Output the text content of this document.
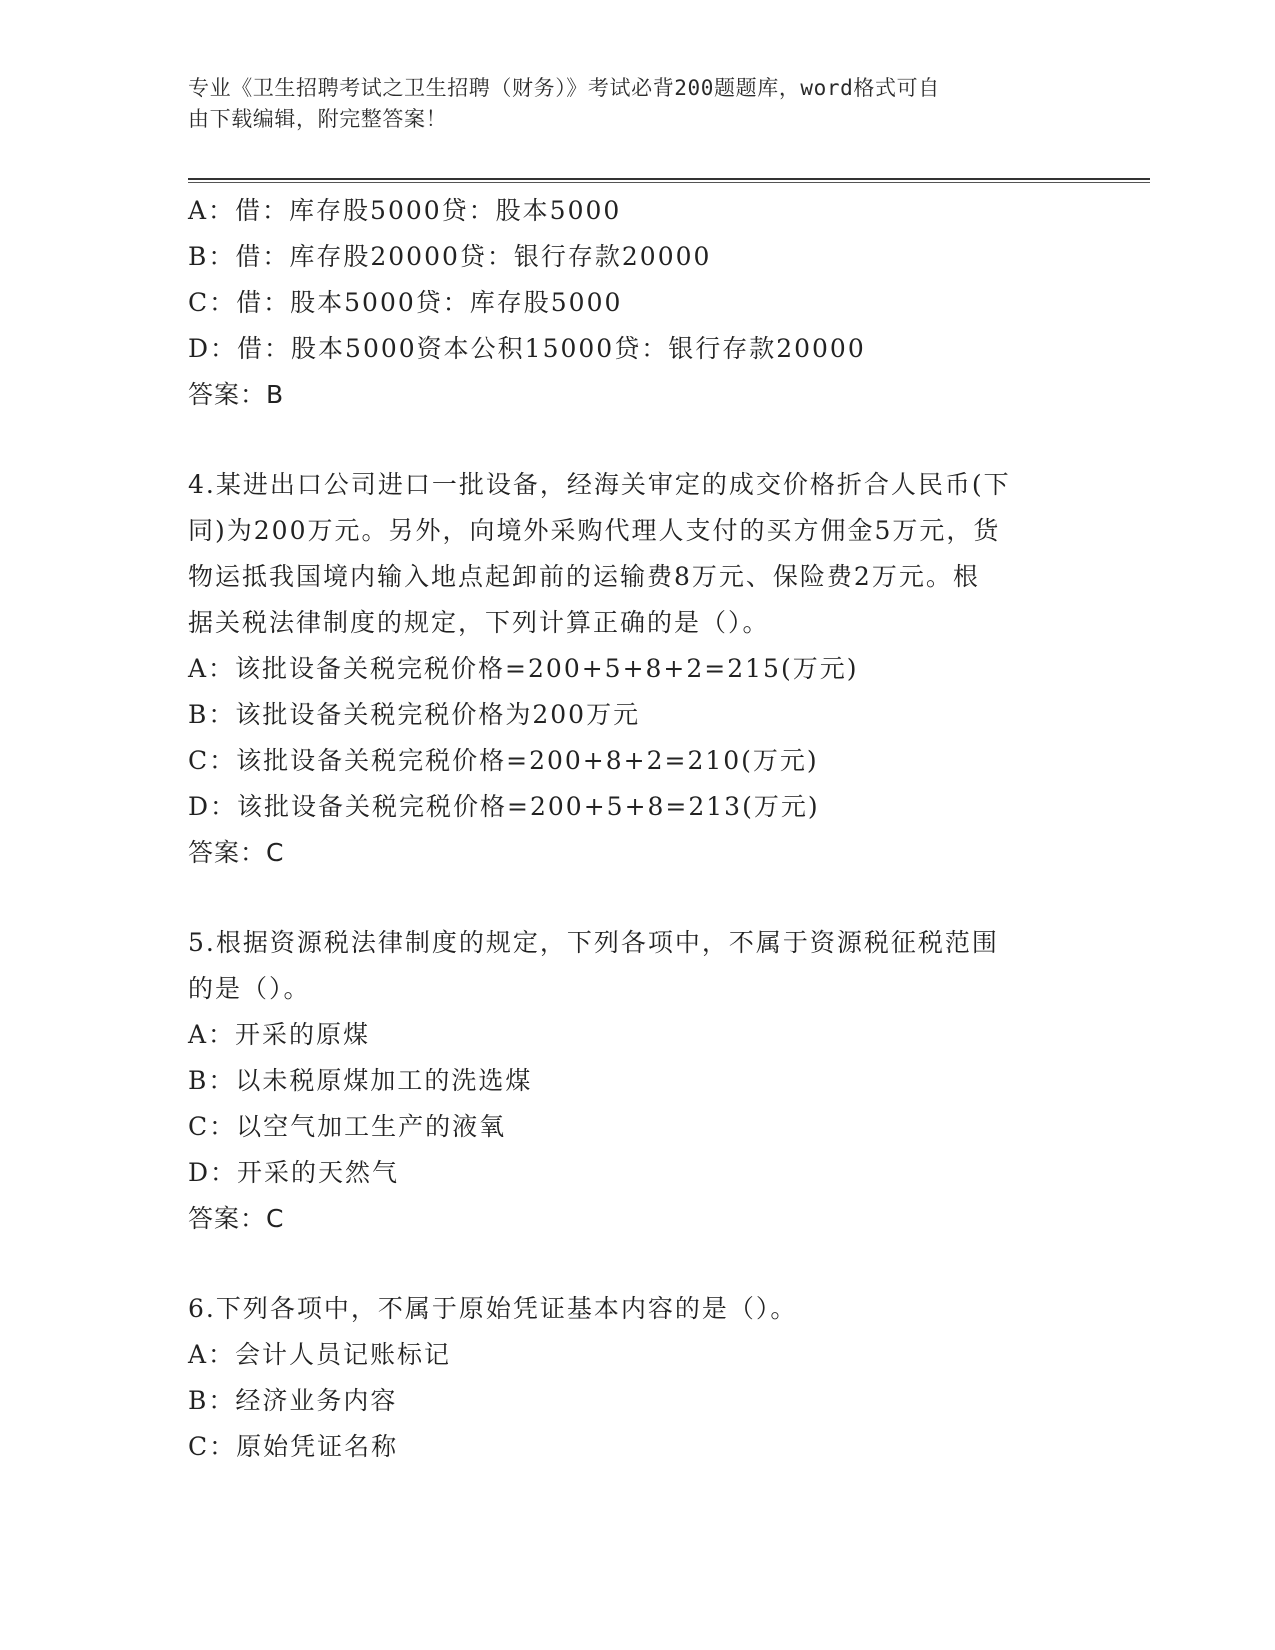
专业《卫生招聘考试之卫生招聘（财务）》考试必背200题题库，word格式可自
由下载编辑，附完整答案！
A：借：库存股5000贷：股本5000
B：借：库存股20000贷：银行存款20000
C：借：股本5000贷：库存股5000
D：借：股本5000资本公积15000贷：银行存款20000
答案：B
4.某进出口公司进口一批设备，经海关审定的成交价格折合人民币(下
同)为200万元。另外，向境外采购代理人支付的买方佣金5万元，货
物运抵我国境内输入地点起卸前的运输费8万元、保险费2万元。根
据关税法律制度的规定，下列计算正确的是（）。
A：该批设备关税完税价格=200+5+8+2=215(万元)
B：该批设备关税完税价格为200万元
C：该批设备关税完税价格=200+8+2=210(万元)
D：该批设备关税完税价格=200+5+8=213(万元)
答案：C
5.根据资源税法律制度的规定，下列各项中，不属于资源税征税范围
的是（）。
A：开采的原煤
B：以未税原煤加工的洗选煤
C：以空气加工生产的液氧
D：开采的天然气
答案：C
6.下列各项中，不属于原始凭证基本内容的是（）。
A：会计人员记账标记
B：经济业务内容
C：原始凭证名称
